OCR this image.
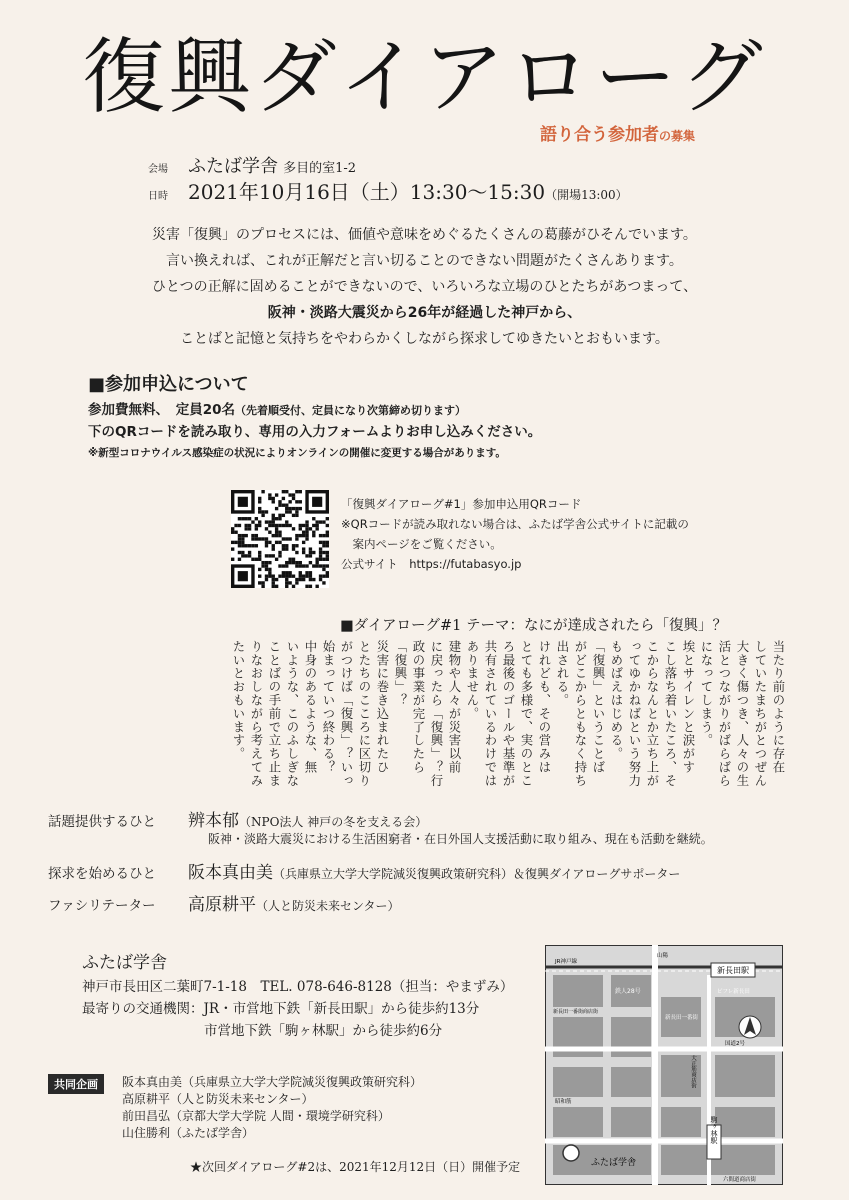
復興ダイアローグ
語り合う参加者の募集
会場 ふたば学舎 多目的室1-2
日時 2021年10月16日（土）13:30〜15:30（開場13:00）
災害「復興」のプロセスには、価値や意味をめぐるたくさんの葛藤がひそんでいます。
言い換えれば、これが正解だと言い切ることのできない問題がたくさんあります。
ひとつの正解に固めることができないので、いろいろな立場のひとたちがあつまって、
阪神・淡路大震災から26年が経過した神戸から、
ことばと記憶と気持ちをやわらかくしながら探求してゆきたいとおもいます。
■参加申込について
参加費無料、　定員20名（先着順受付、定員になり次第締め切ります）
下のQRコードを読み取り、専用の入力フォームよりお申し込みください。
※新型コロナウイルス感染症の状況によりオンラインの開催に変更する場合があります。
「復興ダイアローグ#1」参加申込用QRコード
※QRコードが読み取れない場合は、ふたば学舎公式サイトに記載の
　案内ページをご覧ください。
公式サイト　 https://futabasyo.jp
■ダイアローグ#1 テーマ：なにが達成されたら「復興」？
当たり前のように存在
していたまちがとつぜん
大きく傷つき、人々の生
活とつながりがばらばら
になってしまう。
埃とサイレンと涙がす
こし落ち着いたころ、そ
こからなんとか立ち上が
ってゆかねばという努力
もめばえはじめる。
「復興」ということば
がどこからともなく持ち
出される。
けれども、その営みは
とても多様で、実のとこ
ろ最後のゴールや基準が
共有されているわけでは
ありません。
建物や人々が災害以前
に戻ったら「復興」？行
政の事業が完了したら
「復興」？
災害に巻き込まれたひ
とたちのこころに区切り
がつけば「復興」？いっ
始まっていつ終わる？
中身のあるような、無
いような、このふしぎな
ことばの手前で立ち止ま
りなおしながら考えてみ
たいとおもいます。
話題提供するひと 辨本郁（NPO法人 神戸の冬を支える会）
阪神・淡路大震災における生活困窮者・在日外国人支援活動に取り組み、現在も活動を継続。
探求を始めるひと 阪本真由美（兵庫県立大学大学院減災復興政策研究科）＆復興ダイアローグサポーター
ファシリテーター 高原耕平（人と防災未来センター）
ふたば学舎
神戸市長田区二葉町7-1-18　TEL. 078-646-8128（担当：やまずみ）
最寄りの交通機関：JR・市営地下鉄「新長田駅」から徒歩約13分
市営地下鉄「駒ヶ林駅」から徒歩約6分
新長田駅
駒ヶ林駅
ふたば学舎
JR神戸線
山陽
鉄人28号
新長田一番街
大正筋商店街
昭和筋
六間道商店街
国道2号
新長田一番街商店街
ピフレ新長田
共同企画	阪本真由美（兵庫県立大学大学院減災復興政策研究科）
高原耕平（人と防災未来センター）
前田昌弘（京都大学大学院 人間・環境学研究科）
山住勝利（ふたば学舎）
★次回ダイアローグ#2は、2021年12月12日（日）開催予定
